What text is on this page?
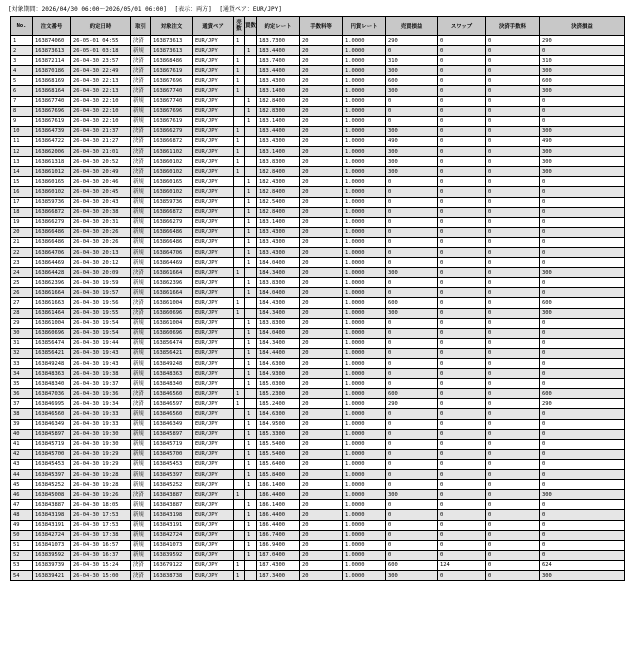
[対象期間：2026/04/30 06:00～2026/05/01 06:00] [表示：両方] [通貨ペア：EUR/JPY]
No.	注文番号	約定日時	取引	対象注文	通貨ペア	売数	買数	約定レート	手数料等	円貨レート	売買損益	スワップ	決済手数料	決済損益
1	163874060	26-05-01 04:55	決済	163873613	EUR/JPY	1		183.7300	20	1.0000	290	0	0	290
2	163873613	26-05-01 03:18	新規	163873613	EUR/JPY		1	183.4400	20	1.0000	0	0	0	0
3	163872114	26-04-30 23:57	決済	163868486	EUR/JPY	1		183.7400	20	1.0000	310	0	0	310
4	163870186	26-04-30 22:49	決済	163867619	EUR/JPY	1		183.4400	20	1.0000	300	0	0	300
5	163868169	26-04-30 22:13	決済	163867696	EUR/JPY	1		183.4300	20	1.0000	600	0	0	600
6	163868164	26-04-30 22:13	決済	163867740	EUR/JPY	1		183.1400	20	1.0000	300	0	0	300
7	163867740	26-04-30 22:10	新規	163867740	EUR/JPY		1	182.8400	20	1.0000	0	0	0	0
8	163867696	26-04-30 22:10	新規	163867696	EUR/JPY		1	182.8300	20	1.0000	0	0	0	0
9	163867619	26-04-30 22:10	新規	163867619	EUR/JPY		1	183.1400	20	1.0000	0	0	0	0
10	163864739	26-04-30 21:37	決済	163866279	EUR/JPY	1		183.4400	20	1.0000	300	0	0	300
11	163864722	26-04-30 21:27	決済	163866872	EUR/JPY	1		183.4300	20	1.0000	490	0	0	490
12	163862006	26-04-30 21:01	決済	163861102	EUR/JPY	1		183.1400	20	1.0000	300	0	0	300
13	163861318	26-04-30 20:52	決済	163860102	EUR/JPY	1		183.8300	20	1.0000	300	0	0	300
14	163861012	26-04-30 20:49	決済	163860102	EUR/JPY	1		182.8400	20	1.0000	300	0	0	300
15	163860165	26-04-30 20:46	新規	163860165	EUR/JPY		1	182.4300	20	1.0000	0	0	0	0
16	163860102	26-04-30 20:45	新規	163860102	EUR/JPY		1	182.8400	20	1.0000	0	0	0	0
17	163859736	26-04-30 20:43	新規	163859736	EUR/JPY		1	182.5400	20	1.0000	0	0	0	0
18	163866872	26-04-30 20:38	新規	163866872	EUR/JPY		1	182.8400	20	1.0000	0	0	0	0
19	163866279	26-04-30 20:31	新規	163866279	EUR/JPY		1	183.1400	20	1.0000	0	0	0	0
20	163866486	26-04-30 20:26	新規	163866486	EUR/JPY		1	183.4300	20	1.0000	0	0	0	0
21	163866486	26-04-30 20:26	新規	163866486	EUR/JPY		1	183.4300	20	1.0000	0	0	0	0
22	163864706	26-04-30 20:13	新規	163864706	EUR/JPY		1	183.4300	20	1.0000	0	0	0	0
23	163864469	26-04-30 20:12	新規	163864469	EUR/JPY		1	184.0400	20	1.0000	0	0	0	0
24	163864428	26-04-30 20:09	決済	163861664	EUR/JPY	1		184.3400	20	1.0000	300	0	0	300
25	163862396	26-04-30 19:59	新規	163862396	EUR/JPY		1	183.8300	20	1.0000	0	0	0	0
26	163861664	26-04-30 19:57	新規	163861664	EUR/JPY		1	184.0400	20	1.0000	0	0	0	0
27	163861663	26-04-30 19:56	決済	163861004	EUR/JPY	1		184.4300	20	1.0000	600	0	0	600
28	163861464	26-04-30 19:55	決済	163860696	EUR/JPY	1		184.3400	20	1.0000	300	0	0	300
29	163861004	26-04-30 19:54	新規	163861004	EUR/JPY		1	183.8300	20	1.0000	0	0	0	0
30	163860696	26-04-30 19:54	新規	163860696	EUR/JPY		1	184.0400	20	1.0000	0	0	0	0
31	163856474	26-04-30 19:44	新規	163856474	EUR/JPY		1	184.3400	20	1.0000	0	0	0	0
32	163856421	26-04-30 19:43	新規	163856421	EUR/JPY		1	184.4400	20	1.0000	0	0	0	0
33	163849248	26-04-30 19:43	新規	163849248	EUR/JPY		1	184.6300	20	1.0000	0	0	0	0
34	163848363	26-04-30 19:38	新規	163848363	EUR/JPY		1	184.9300	20	1.0000	0	0	0	0
35	163848340	26-04-30 19:37	新規	163848340	EUR/JPY		1	185.0300	20	1.0000	0	0	0	0
36	163847036	26-04-30 19:36	決済	163846560	EUR/JPY	1		185.2300	20	1.0000	600	0	0	600
37	163846995	26-04-30 19:34	決済	163846597	EUR/JPY	1		185.2400	20	1.0000	290	0	0	290
38	163846560	26-04-30 19:33	新規	163846560	EUR/JPY		1	184.6300	20	1.0000	0	0	0	0
39	163846349	26-04-30 19:33	新規	163846349	EUR/JPY		1	184.9500	20	1.0000	0	0	0	0
40	163845897	26-04-30 19:30	新規	163845897	EUR/JPY		1	185.3300	20	1.0000	0	0	0	0
41	163845719	26-04-30 19:30	新規	163845719	EUR/JPY		1	185.5400	20	1.0000	0	0	0	0
42	163845700	26-04-30 19:29	新規	163845700	EUR/JPY		1	185.5400	20	1.0000	0	0	0	0
43	163845453	26-04-30 19:29	新規	163845453	EUR/JPY		1	185.6400	20	1.0000	0	0	0	0
44	163845397	26-04-30 19:28	新規	163845397	EUR/JPY		1	185.8400	20	1.0000	0	0	0	0
45	163845252	26-04-30 19:28	新規	163845252	EUR/JPY		1	186.1400	20	1.0000	0	0	0	0
46	163845008	26-04-30 19:26	決済	163843887	EUR/JPY	1		186.4400	20	1.0000	300	0	0	300
47	163843887	26-04-30 18:05	新規	163843887	EUR/JPY		1	186.1400	20	1.0000	0	0	0	0
48	163843198	26-04-30 17:53	新規	163843198	EUR/JPY		1	186.4400	20	1.0000	0	0	0	0
49	163843191	26-04-30 17:53	新規	163843191	EUR/JPY		1	186.4400	20	1.0000	0	0	0	0
50	163842724	26-04-30 17:38	新規	163842724	EUR/JPY		1	186.7400	20	1.0000	0	0	0	0
51	163841073	26-04-30 16:57	新規	163841073	EUR/JPY		1	186.9400	20	1.0000	0	0	0	0
52	163839592	26-04-30 16:37	新規	163839592	EUR/JPY		1	187.0400	20	1.0000	0	0	0	0
53	163839739	26-04-30 15:24	決済	163679122	EUR/JPY	1		187.4300	20	1.0000	600	124	0	624
54	163839421	26-04-30 15:00	決済	163838738	EUR/JPY	1		187.3400	20	1.0000	300	0	0	300
